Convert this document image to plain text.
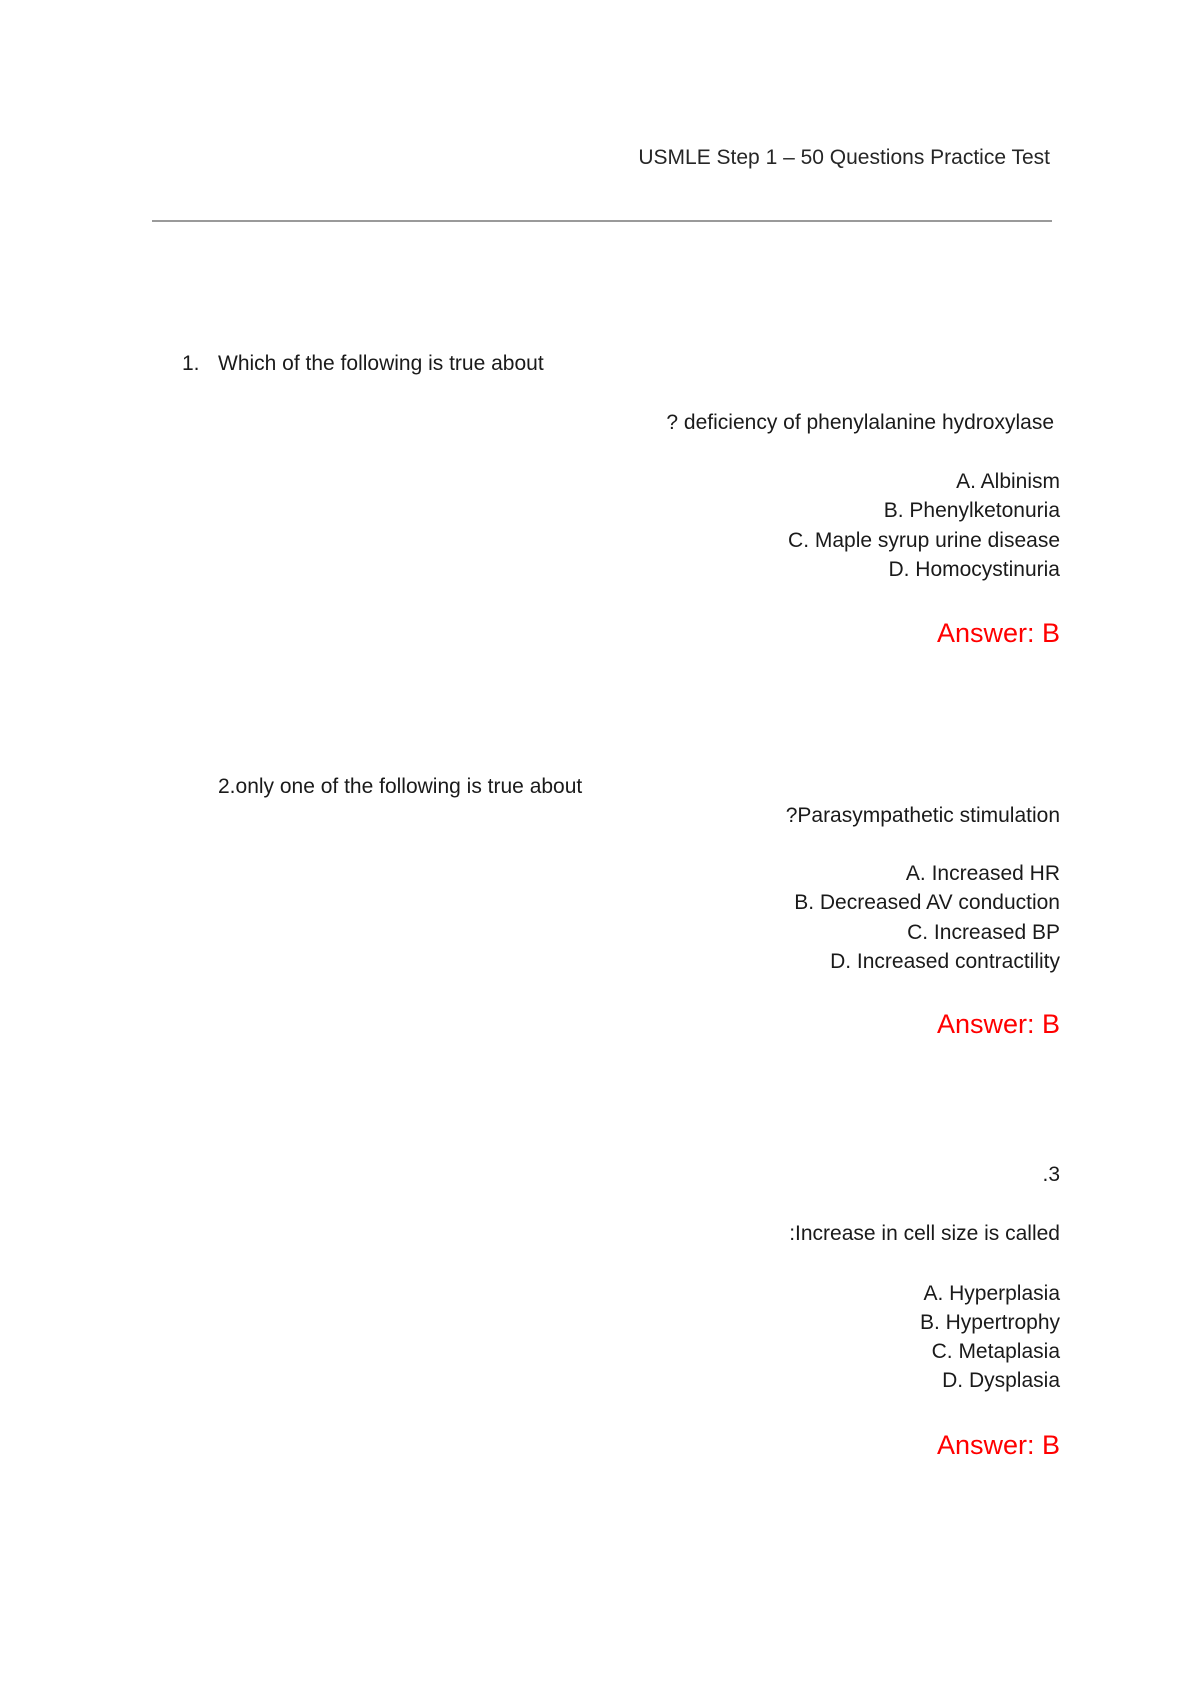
USMLE Step 1 – 50 Questions Practice Test
1. Which of the following is true about
? deficiency of phenylalanine hydroxylase
A. Albinism
B. Phenylketonuria
C. Maple syrup urine disease
D. Homocystinuria
Answer: B
2.only one of the following is true about
?Parasympathetic stimulation
A. Increased HR
B. Decreased AV conduction
C. Increased BP
D. Increased contractility
Answer: B
.3
:Increase in cell size is called
A. Hyperplasia
B. Hypertrophy
C. Metaplasia
D. Dysplasia
Answer: B
